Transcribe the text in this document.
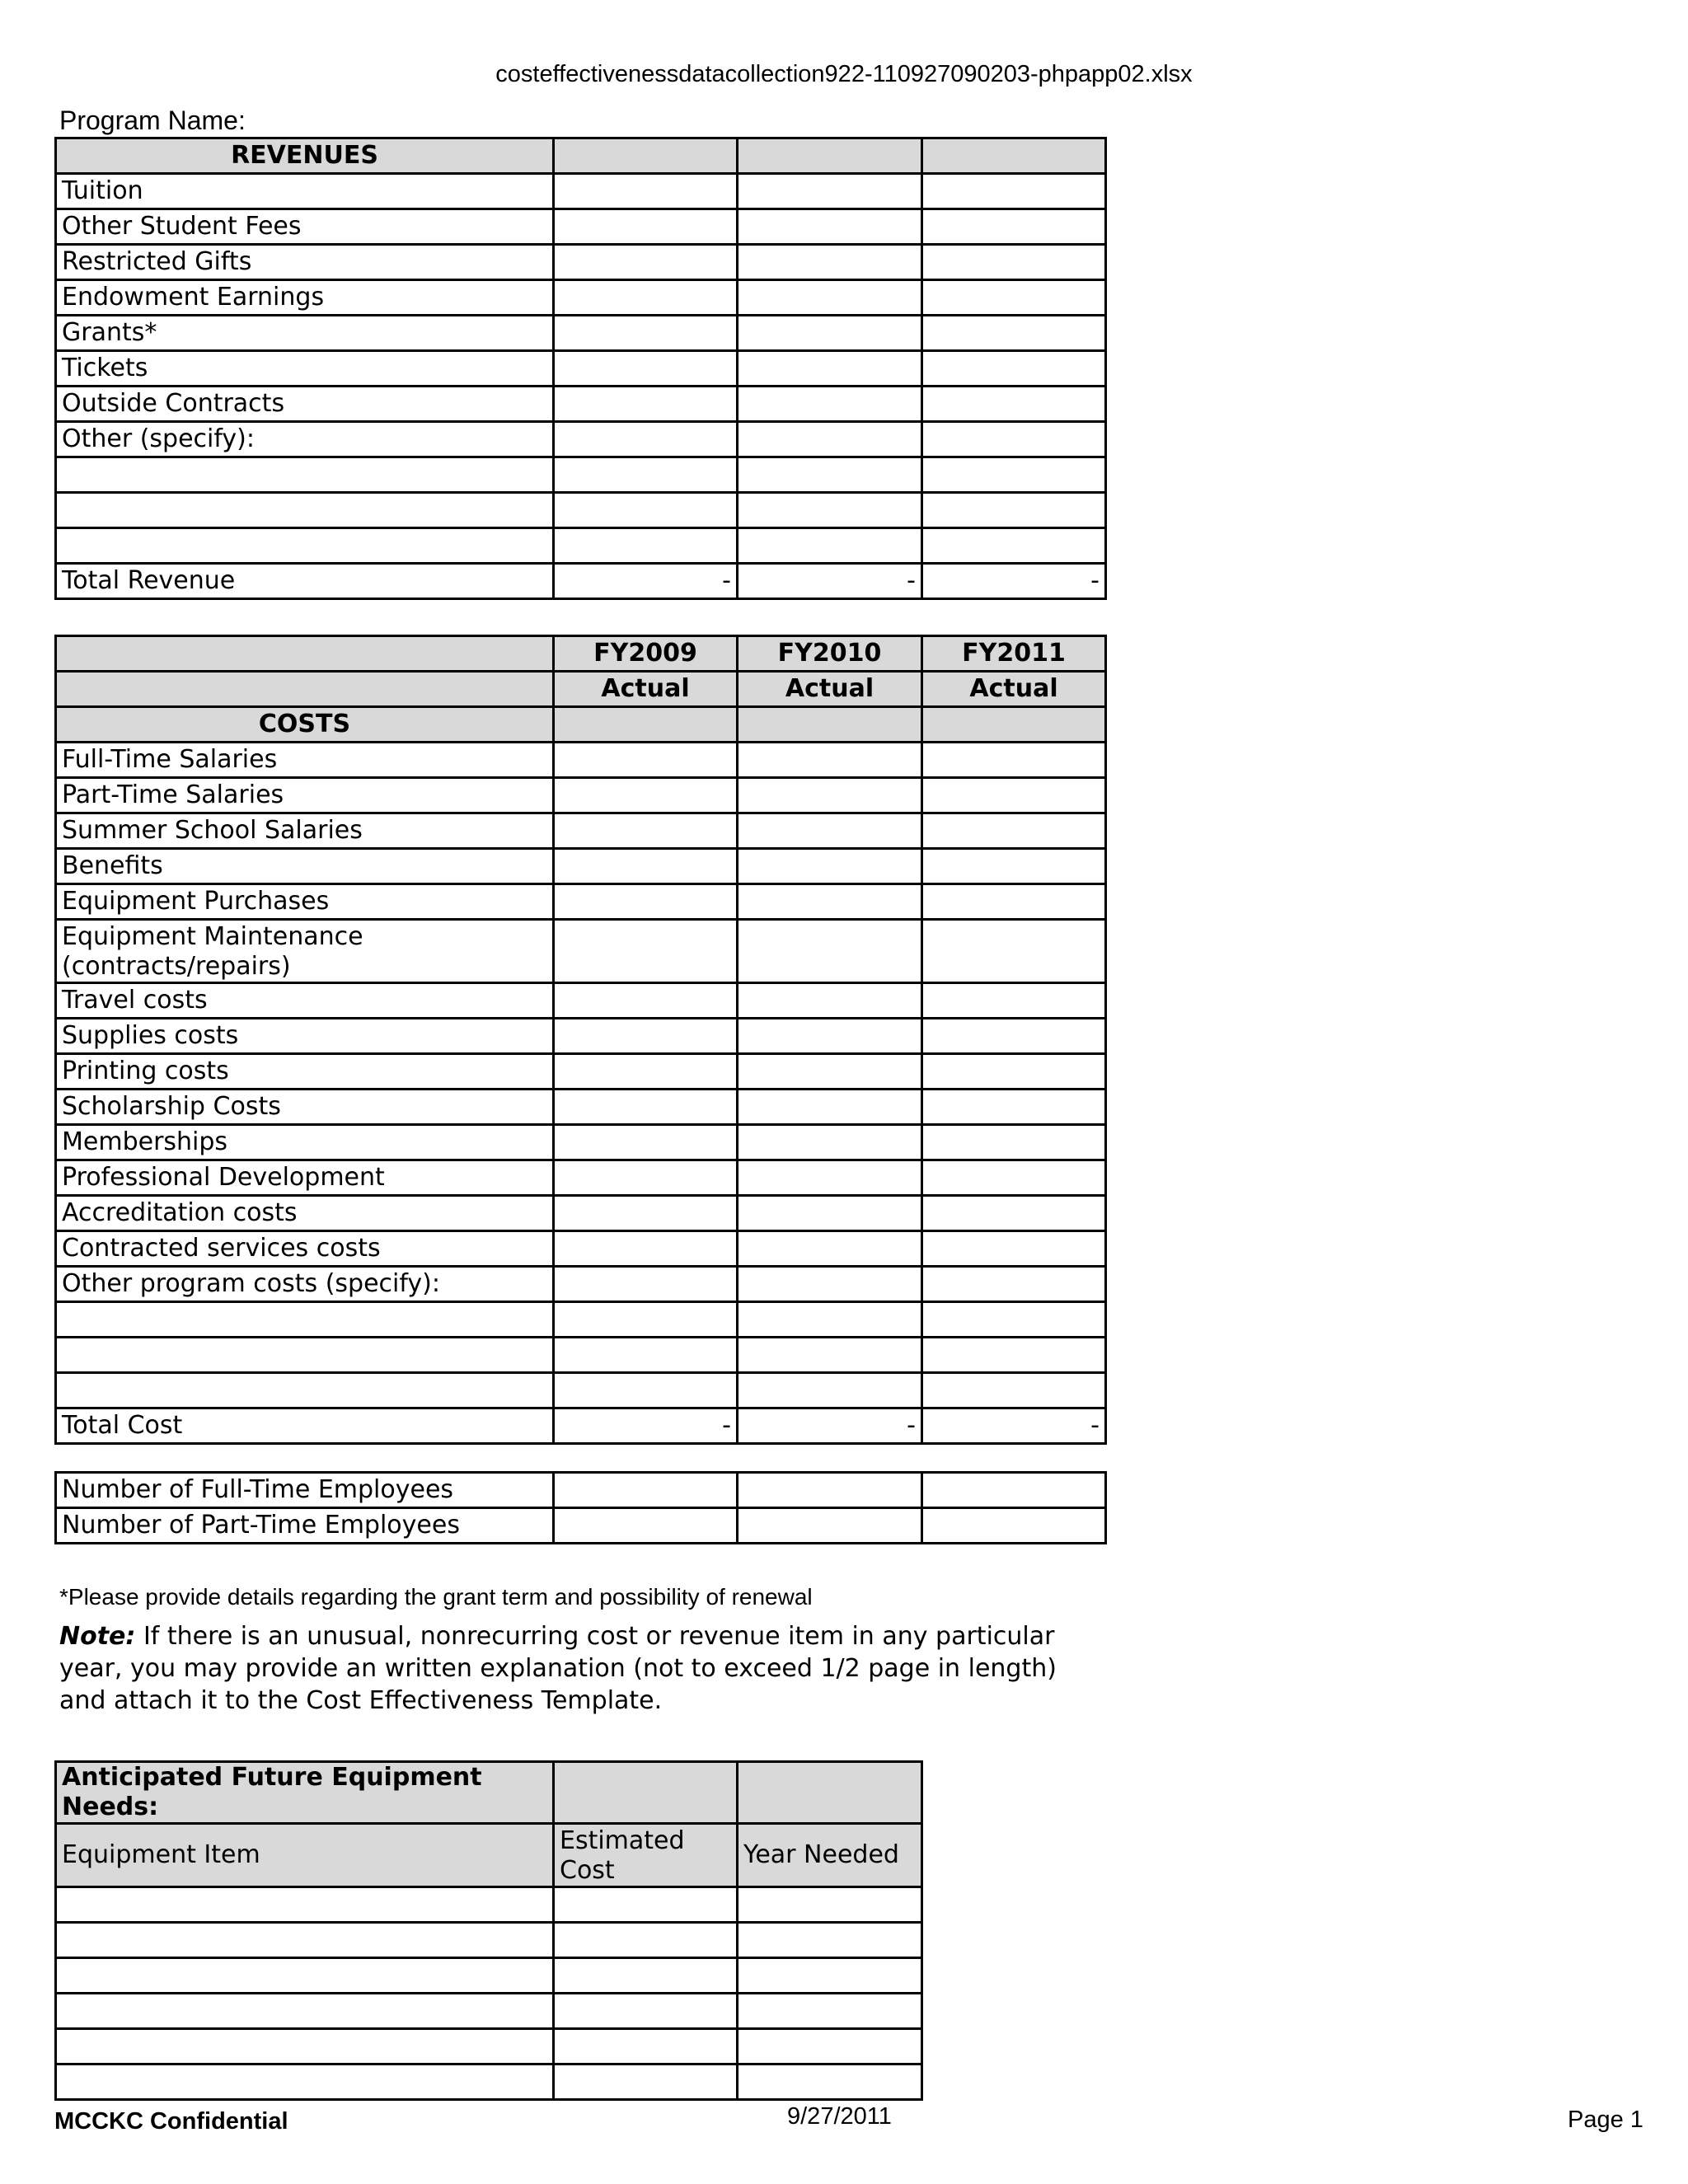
costeffectivenessdatacollection922-110927090203-phpapp02.xlsx
Program Name:
REVENUES			
Tuition			
Other Student Fees			
Restricted Gifts			
Endowment Earnings			
Grants*			
Tickets			
Outside Contracts			
Other (specify):			

Total Revenue	-	-	-
	FY2009	FY2010	FY2011
	Actual	Actual	Actual
COSTS			
Full-Time Salaries			
Part-Time Salaries			
Summer School Salaries			
Benefits			
Equipment Purchases			
Equipment Maintenance (contracts/repairs)			
Travel costs			
Supplies costs			
Printing costs			
Scholarship Costs			
Memberships			
Professional Development			
Accreditation costs			
Contracted services costs			
Other program costs (specify):			

Total Cost	-	-	-
Number of Full-Time Employees			
Number of Part-Time Employees			
*Please provide details regarding the grant term and possibility of renewal
Note: If there is an unusual, nonrecurring cost or revenue item in any particular year, you may provide an written explanation (not to exceed 1/2 page in length) and attach it to the Cost Effectiveness Template.
Anticipated Future Equipment Needs:		
Equipment Item	Estimated Cost	Year Needed

MCCKC Confidential	9/27/2011	Page 1
